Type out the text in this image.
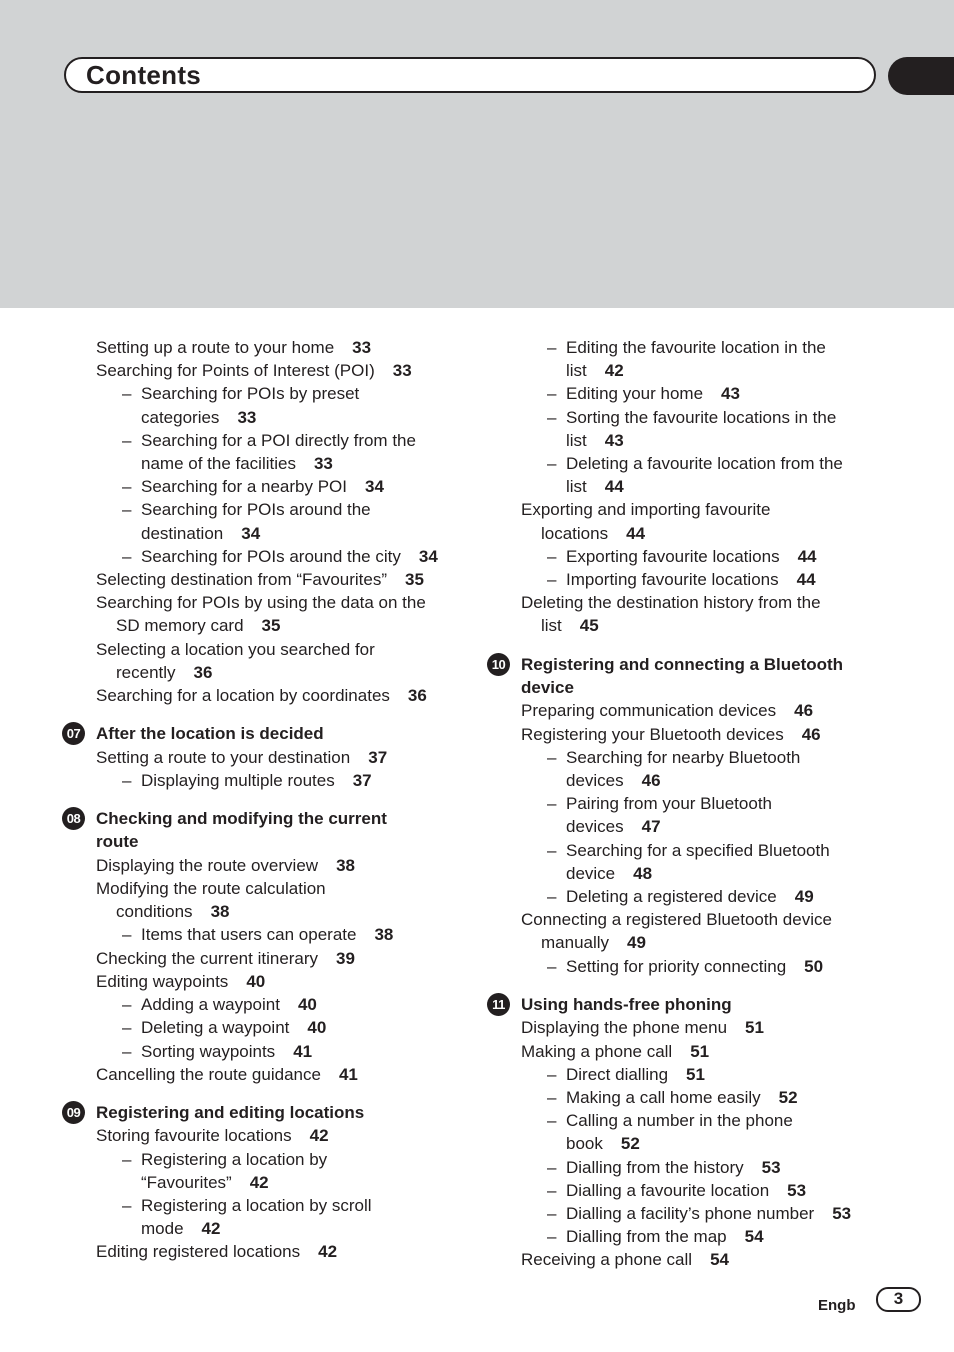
Contents
Setting up a route to your home 33
Searching for Points of Interest (POI) 33
– Searching for POIs by preset
categories 33
– Searching for a POI directly from the
name of the facilities 33
– Searching for a nearby POI 34
– Searching for POIs around the
destination 34
– Searching for POIs around the city 34
Selecting destination from “Favourites” 35
Searching for POIs by using the data on the
SD memory card 35
Selecting a location you searched for
recently 36
Searching for a location by coordinates 36
07 After the location is decided
Setting a route to your destination 37
– Displaying multiple routes 37
08 Checking and modifying the current
route
Displaying the route overview 38
Modifying the route calculation
conditions 38
– Items that users can operate 38
Checking the current itinerary 39
Editing waypoints 40
– Adding a waypoint 40
– Deleting a waypoint 40
– Sorting waypoints 41
Cancelling the route guidance 41
09 Registering and editing locations
Storing favourite locations 42
– Registering a location by
“Favourites” 42
– Registering a location by scroll
mode 42
Editing registered locations 42
– Editing the favourite location in the
list 42
– Editing your home 43
– Sorting the favourite locations in the
list 43
– Deleting a favourite location from the
list 44
Exporting and importing favourite
locations 44
– Exporting favourite locations 44
– Importing favourite locations 44
Deleting the destination history from the
list 45
10 Registering and connecting a Bluetooth
device
Preparing communication devices 46
Registering your Bluetooth devices 46
– Searching for nearby Bluetooth
devices 46
– Pairing from your Bluetooth
devices 47
– Searching for a specified Bluetooth
device 48
– Deleting a registered device 49
Connecting a registered Bluetooth device
manually 49
– Setting for priority connecting 50
11 Using hands-free phoning
Displaying the phone menu 51
Making a phone call 51
– Direct dialling 51
– Making a call home easily 52
– Calling a number in the phone
book 52
– Dialling from the history 53
– Dialling a favourite location 53
– Dialling a facility’s phone number 53
– Dialling from the map 54
Receiving a phone call 54
Engb	3
